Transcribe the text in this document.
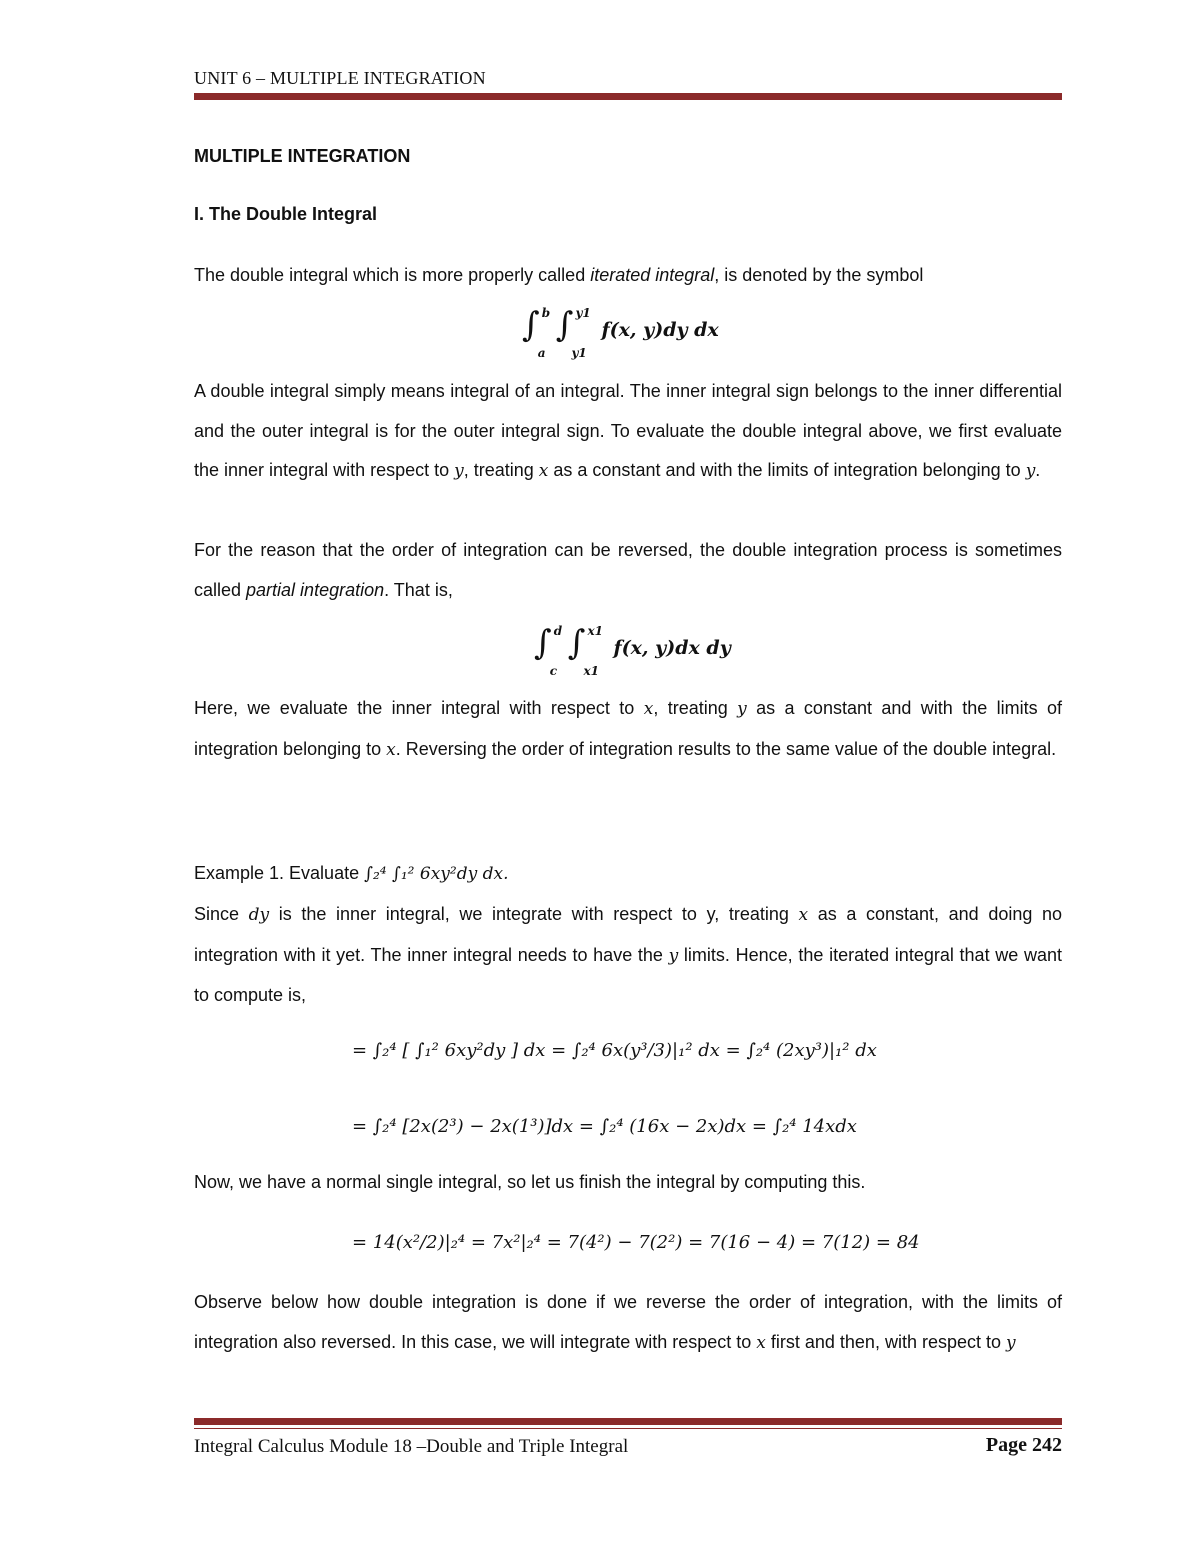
UNIT 6 – MULTIPLE INTEGRATION
MULTIPLE INTEGRATION
I. The Double Integral
The double integral which is more properly called iterated integral, is denoted by the symbol
∫ b
a
∫ y1
y1
f(x, y)dy dx
A double integral simply means integral of an integral. The inner integral sign belongs to the inner differential and the outer integral is for the outer integral sign. To evaluate the double integral above, we first evaluate the inner integral with respect to y, treating x as a constant and with the limits of integration belonging to y.
For the reason that the order of integration can be reversed, the double integration process is sometimes called partial integration. That is,
∫ d
c
∫ x1
x1
f(x, y)dx dy
Here, we evaluate the inner integral with respect to x, treating y as a constant and with the limits of integration belonging to x. Reversing the order of integration results to the same value of the double integral.
Example 1. Evaluate ∫₂⁴ ∫₁² 6xy²dy dx.
Since dy is the inner integral, we integrate with respect to y, treating x as a constant, and doing no integration with it yet. The inner integral needs to have the y limits. Hence, the iterated integral that we want to compute is,
= ∫₂⁴ [ ∫₁² 6xy²dy ] dx = ∫₂⁴ 6x(y³/3)|₁² dx = ∫₂⁴ (2xy³)|₁² dx
= ∫₂⁴ [2x(2³) − 2x(1³)]dx = ∫₂⁴ (16x − 2x)dx = ∫₂⁴ 14xdx
Now, we have a normal single integral, so let us finish the integral by computing this.
= 14(x²/2)|₂⁴ = 7x²|₂⁴ = 7(4²) − 7(2²) = 7(16 − 4) = 7(12) = 84
Observe below how double integration is done if we reverse the order of integration, with the limits of integration also reversed. In this case, we will integrate with respect to x first and then, with respect to y
Integral Calculus Module 18 –Double and Triple Integral	Page 242
